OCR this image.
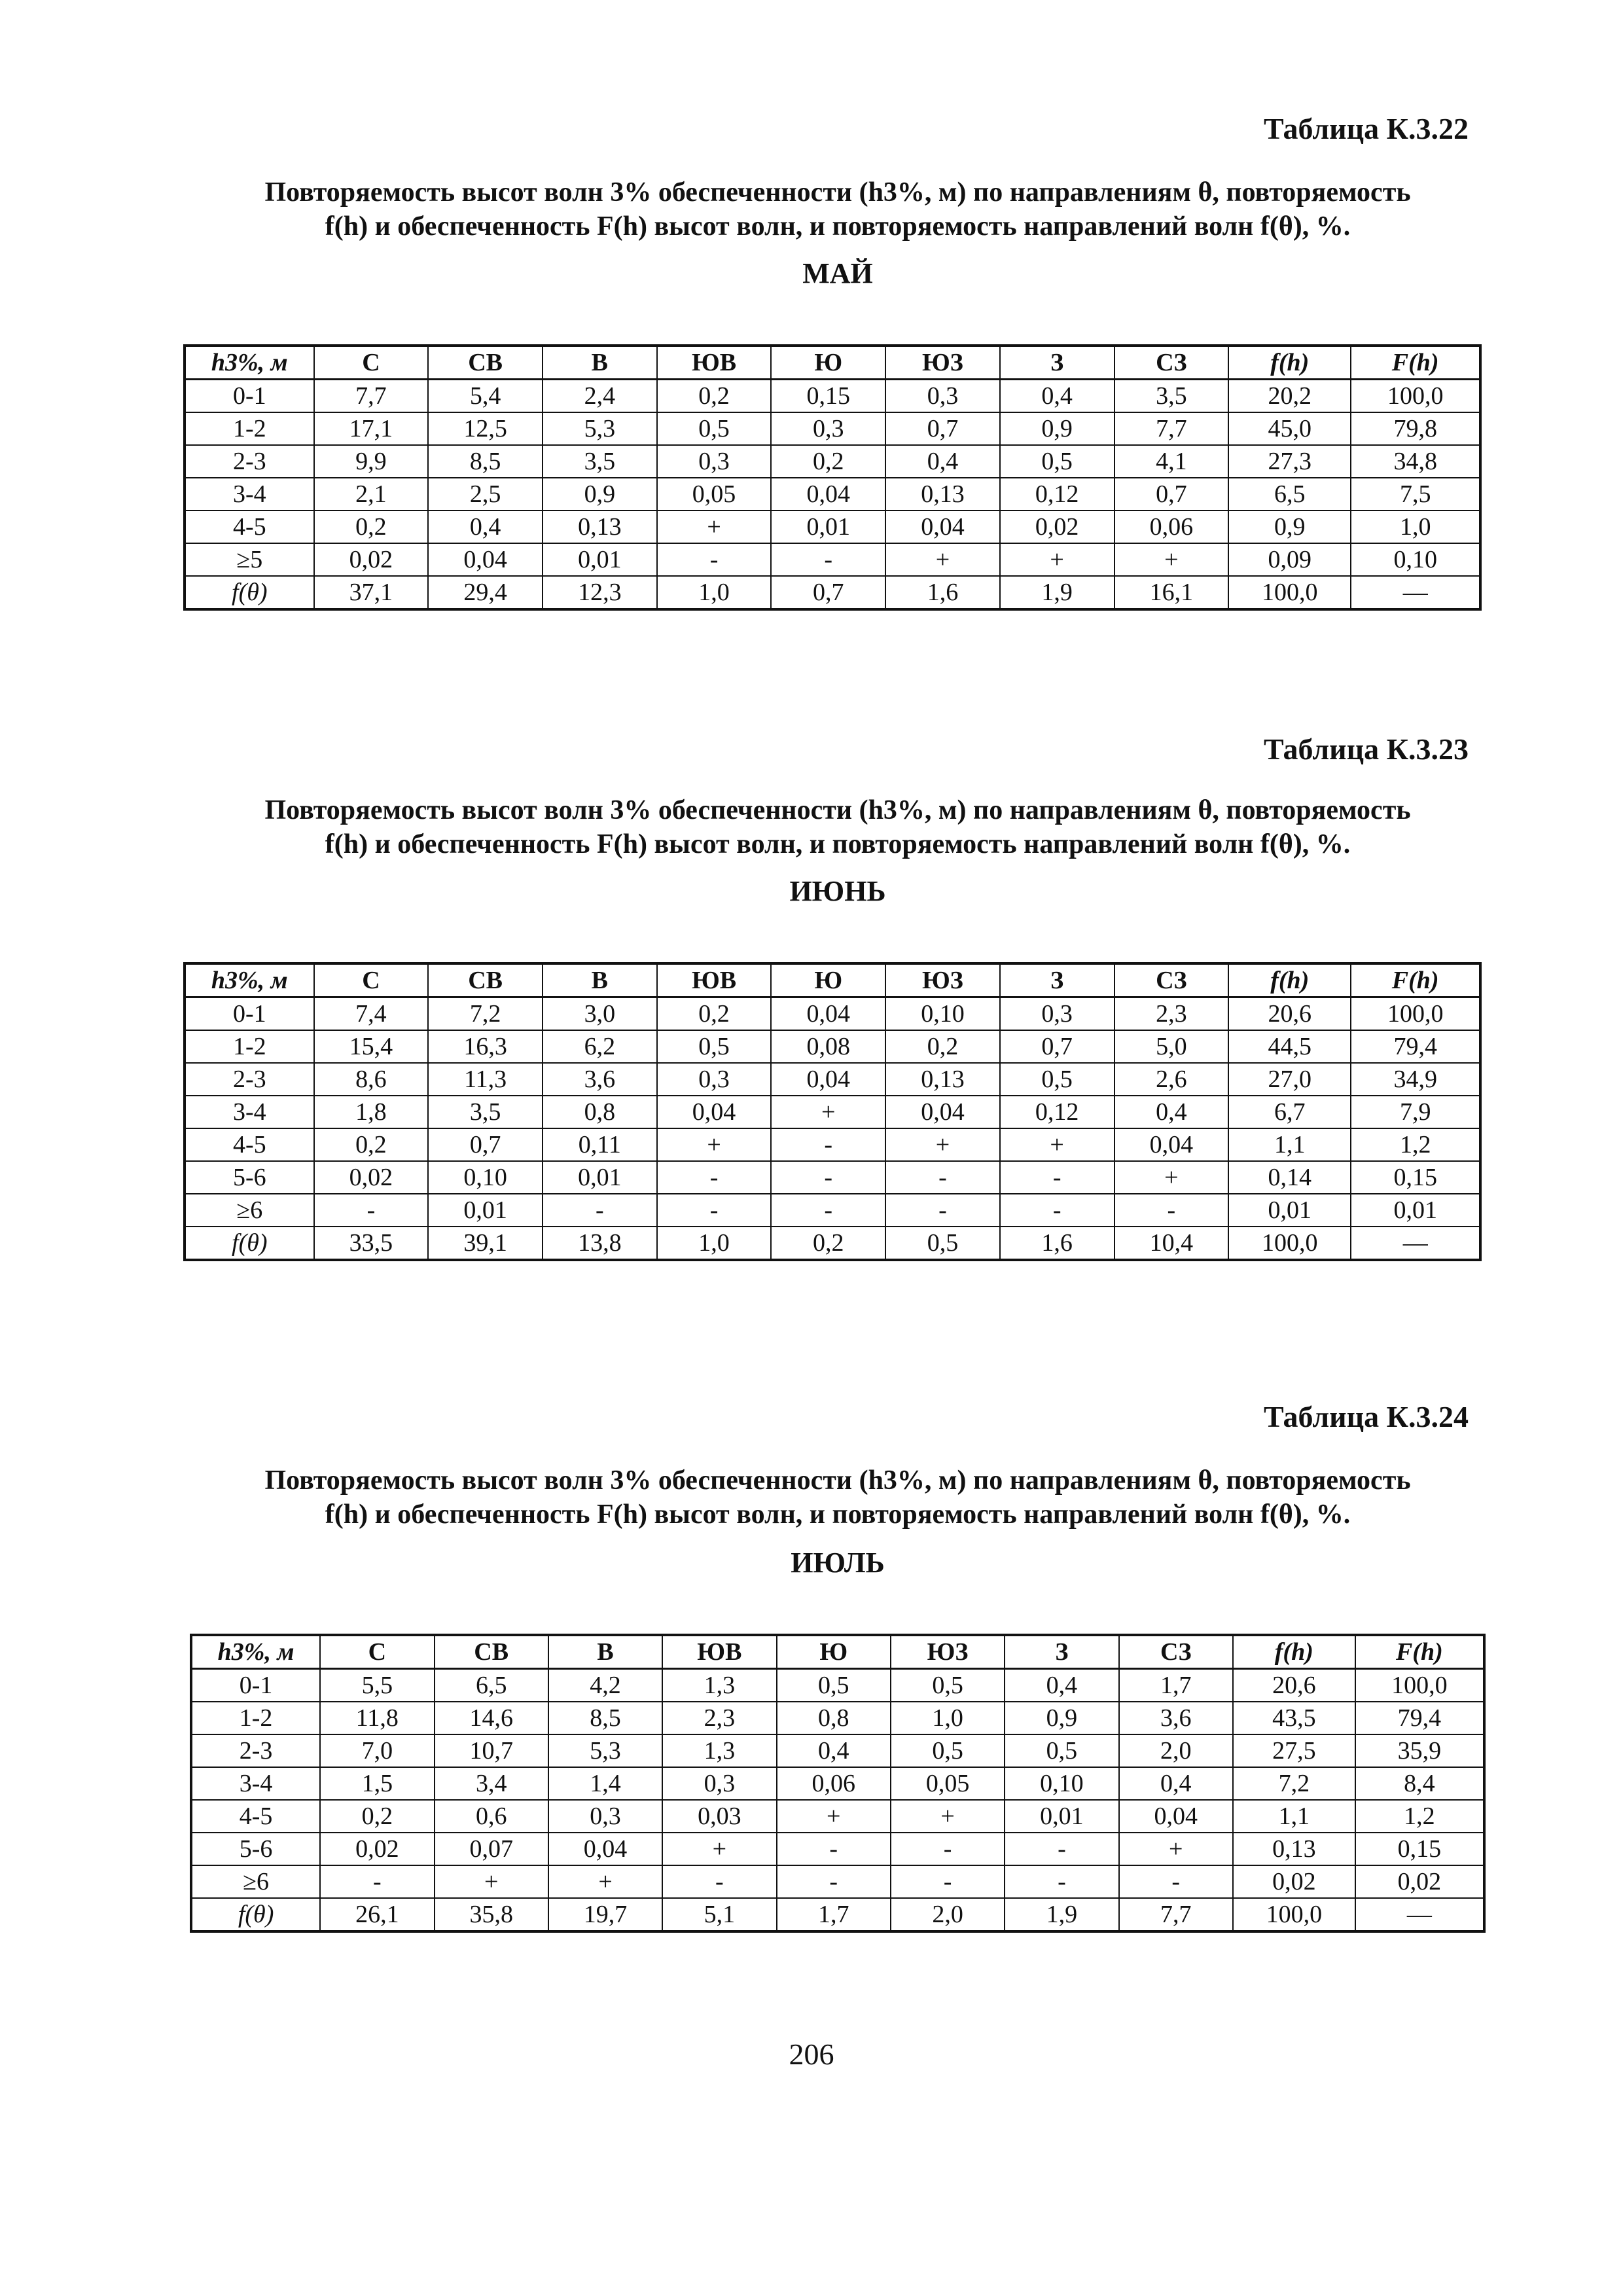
Таблица К.3.22
Повторяемость высот волн 3% обеспеченности (h3%, м) по направлениям θ, повторяемость
f(h) и обеспеченность F(h) высот волн, и повторяемость направлений волн f(θ), %.
МАЙ
h3%, м	С	СВ	В	ЮВ	Ю	ЮЗ	З	СЗ	f(h)	F(h)
0-1	7,7	5,4	2,4	0,2	0,15	0,3	0,4	3,5	20,2	100,0
1-2	17,1	12,5	5,3	0,5	0,3	0,7	0,9	7,7	45,0	79,8
2-3	9,9	8,5	3,5	0,3	0,2	0,4	0,5	4,1	27,3	34,8
3-4	2,1	2,5	0,9	0,05	0,04	0,13	0,12	0,7	6,5	7,5
4-5	0,2	0,4	0,13	+	0,01	0,04	0,02	0,06	0,9	1,0
≥5	0,02	0,04	0,01	-	-	+	+	+	0,09	0,10
f(θ)	37,1	29,4	12,3	1,0	0,7	1,6	1,9	16,1	100,0	—
Таблица К.3.23
Повторяемость высот волн 3% обеспеченности (h3%, м) по направлениям θ, повторяемость
f(h) и обеспеченность F(h) высот волн, и повторяемость направлений волн f(θ), %.
ИЮНЬ
h3%, м	С	СВ	В	ЮВ	Ю	ЮЗ	З	СЗ	f(h)	F(h)
0-1	7,4	7,2	3,0	0,2	0,04	0,10	0,3	2,3	20,6	100,0
1-2	15,4	16,3	6,2	0,5	0,08	0,2	0,7	5,0	44,5	79,4
2-3	8,6	11,3	3,6	0,3	0,04	0,13	0,5	2,6	27,0	34,9
3-4	1,8	3,5	0,8	0,04	+	0,04	0,12	0,4	6,7	7,9
4-5	0,2	0,7	0,11	+	-	+	+	0,04	1,1	1,2
5-6	0,02	0,10	0,01	-	-	-	-	+	0,14	0,15
≥6	-	0,01	-	-	-	-	-	-	0,01	0,01
f(θ)	33,5	39,1	13,8	1,0	0,2	0,5	1,6	10,4	100,0	—
Таблица К.3.24
Повторяемость высот волн 3% обеспеченности (h3%, м) по направлениям θ, повторяемость
f(h) и обеспеченность F(h) высот волн, и повторяемость направлений волн f(θ), %.
ИЮЛЬ
h3%, м	С	СВ	В	ЮВ	Ю	ЮЗ	З	СЗ	f(h)	F(h)
0-1	5,5	6,5	4,2	1,3	0,5	0,5	0,4	1,7	20,6	100,0
1-2	11,8	14,6	8,5	2,3	0,8	1,0	0,9	3,6	43,5	79,4
2-3	7,0	10,7	5,3	1,3	0,4	0,5	0,5	2,0	27,5	35,9
3-4	1,5	3,4	1,4	0,3	0,06	0,05	0,10	0,4	7,2	8,4
4-5	0,2	0,6	0,3	0,03	+	+	0,01	0,04	1,1	1,2
5-6	0,02	0,07	0,04	+	-	-	-	+	0,13	0,15
≥6	-	+	+	-	-	-	-	-	0,02	0,02
f(θ)	26,1	35,8	19,7	5,1	1,7	2,0	1,9	7,7	100,0	—
206
